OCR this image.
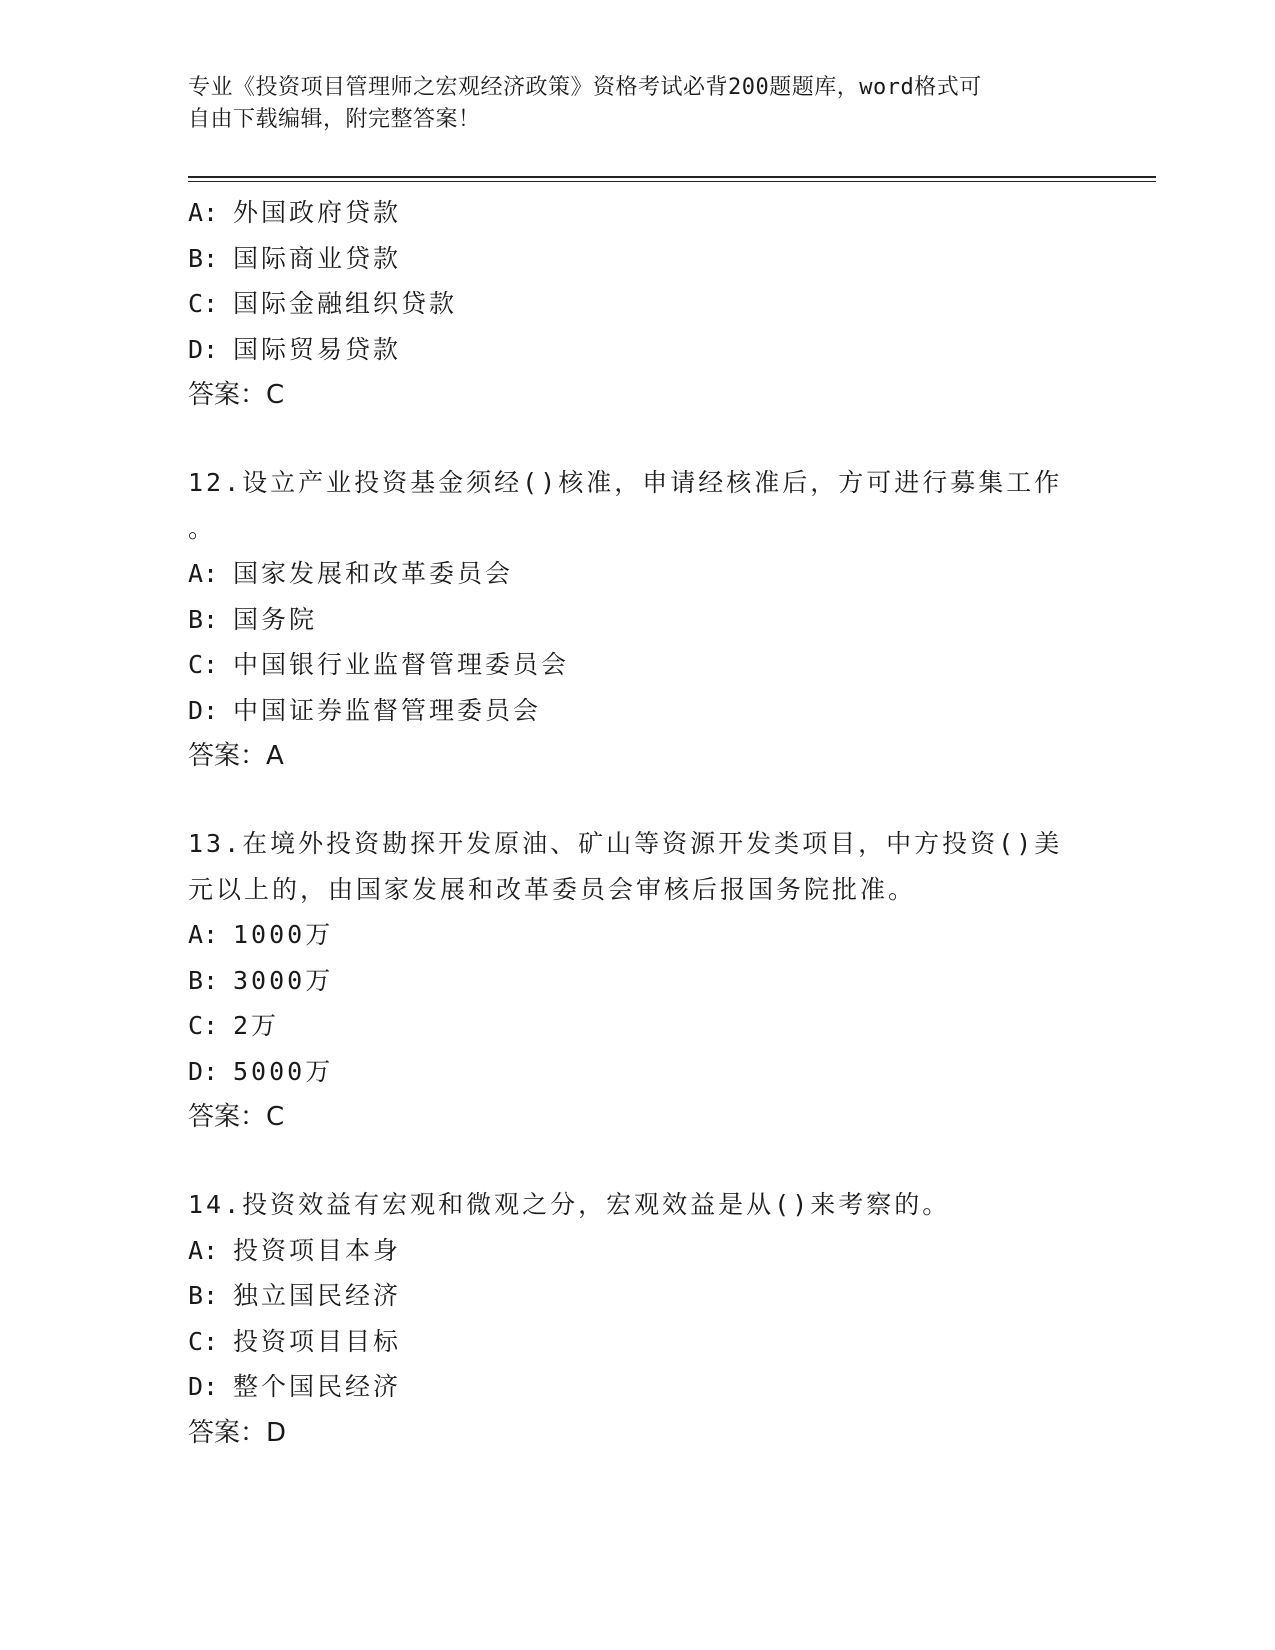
专业《投资项目管理师之宏观经济政策》资格考试必背200题题库，word格式可
自由下载编辑，附完整答案！
A: 外国政府贷款
B: 国际商业贷款
C: 国际金融组织贷款
D: 国际贸易贷款
答案：C
12.设立产业投资基金须经()核准，申请经核准后，方可进行募集工作
。
A: 国家发展和改革委员会
B: 国务院
C: 中国银行业监督管理委员会
D: 中国证券监督管理委员会
答案：A
13.在境外投资勘探开发原油、矿山等资源开发类项目，中方投资()美
元以上的，由国家发展和改革委员会审核后报国务院批准。
A: 1000万
B: 3000万
C: 2万
D: 5000万
答案：C
14.投资效益有宏观和微观之分，宏观效益是从()来考察的。
A: 投资项目本身
B: 独立国民经济
C: 投资项目目标
D: 整个国民经济
答案：D
